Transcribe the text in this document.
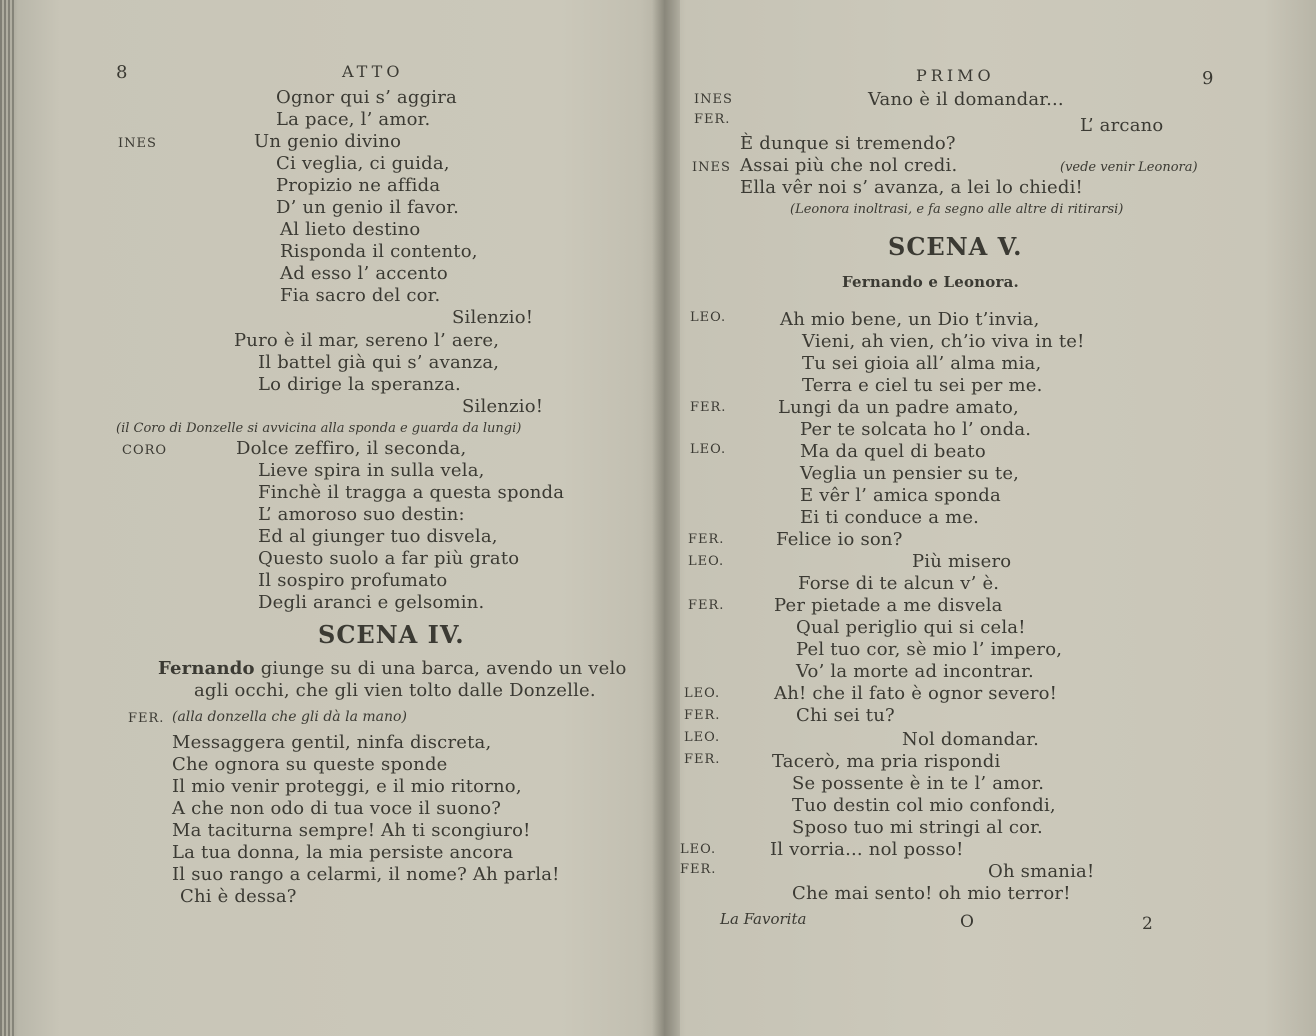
8	ATTO
Ognor qui s’ aggira
La pace, l’ amor.
INES	Un genio divino
Ci veglia, ci guida,
Propizio ne affida
D’ un genio il favor.
Al lieto destino
Risponda il contento,
Ad esso l’ accento
Fia sacro del cor.
Silenzio!
Puro è il mar, sereno l’ aere,
Il battel già qui s’ avanza,
Lo dirige la speranza.
Silenzio!
(il Coro di Donzelle si avvicina alla sponda e guarda da lungi)
CORO	Dolce zeffiro, il seconda,
Lieve spira in sulla vela,
Finchè il tragga a questa sponda
L’ amoroso suo destin:
Ed al giunger tuo disvela,
Questo suolo a far più grato
Il sospiro profumato
Degli aranci e gelsomin.
SCENA IV.
Fernando giunge su di una barca, avendo un velo
agli occhi, che gli vien tolto dalle Donzelle.
FER. (alla donzella che gli dà la mano)
Messaggera gentil, ninfa discreta,
Che ognora su queste sponde
Il mio venir proteggi, e il mio ritorno,
A che non odo di tua voce il suono?
Ma taciturna sempre! Ah ti scongiuro!
La tua donna, la mia persiste ancora
Il suo rango a celarmi, il nome? Ah parla!
Chi è dessa?
PRIMO	9
INES	Vano è il domandar...
FER.	L’ arcano
È dunque si tremendo?
INES Assai più che nol credi.	(vede venir Leonora)
Ella vêr noi s’ avanza, a lei lo chiedi!
(Leonora inoltrasi, e fa segno alle altre di ritirarsi)
SCENA V.
Fernando e Leonora.
LEO.	Ah mio bene, un Dio t’invia,
Vieni, ah vien, ch’io viva in te!
Tu sei gioia all’ alma mia,
Terra e ciel tu sei per me.
FER.	Lungi da un padre amato,
Per te solcata ho l’ onda.
LEO.	Ma da quel di beato
Veglia un pensier su te,
E vêr l’ amica sponda
Ei ti conduce a me.
FER.	Felice io son?
LEO.	Più misero
Forse di te alcun v’ è.
FER.	Per pietade a me disvela
Qual periglio qui si cela!
Pel tuo cor, sè mio l’ impero,
Vo’ la morte ad incontrar.
LEO.	Ah! che il fato è ognor severo!
FER.	Chi sei tu?
LEO.	Nol domandar.
FER.	Tacerò, ma pria rispondi
Se possente è in te l’ amor.
Tuo destin col mio confondi,
Sposo tuo mi stringi al cor.
LEO.	Il vorria... nol posso!
FER.	Oh smania!
Che mai sento! oh mio terror!
La Favorita	O	2
